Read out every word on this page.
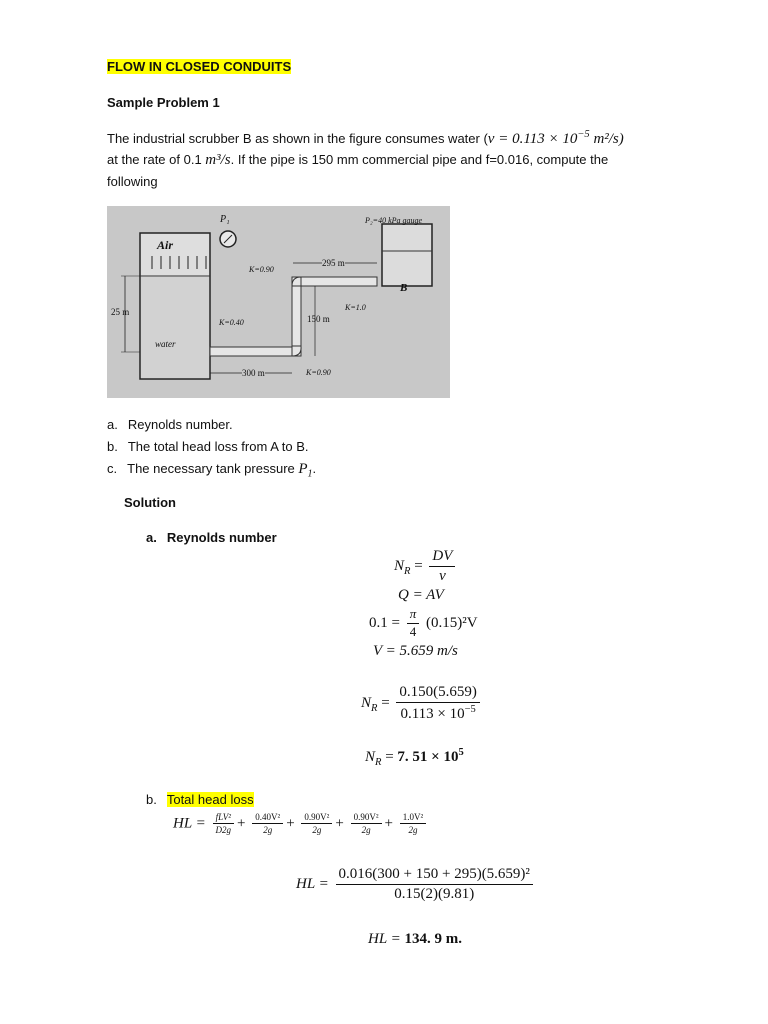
FLOW IN CLOSED CONDUITS
Sample Problem 1
The industrial scrubber B as shown in the figure consumes water ($v = 0.113 \times 10^{-5}$ m²/s)
at the rate of 0.1 m³/s. If the pipe is 150 mm commercial pipe and f=0.016, compute the
following
P₁	P₂=40 kPa gauge
Air
water
B
25 m
K=0.90
K=0.40
K=1.0
K=0.90
295 m
150 m
300 m
a. Reynolds number.
b. The total head loss from A to B.
c. The necessary tank pressure $P_1$.
Solution
a. Reynolds number
$N_R = \frac{DV}{v}$
Q = AV
$0.1 = \frac{\pi}{4} (0.15)^2V$
V = 5.659 m/s
$N_R = \frac{0.150(5.659)}{0.113 \times 10^{-5}}$
$N_R = 7$. $51 \times 10^5$
b. Total head loss
HL = $\frac{\text{fLV²}}{D2g} + \frac{\text{0.40V²}}{2g} + \frac{\text{0.90V²}}{2g} + \frac{\text{0.90V²}}{2g} + \frac{\text{1.0V²}}{2g}$
HL = $\frac{\text{0.016(300 + 150 + 295)(5.659)²}}{0.15(2)(9.81)}$
HL = 134. 9 m.
